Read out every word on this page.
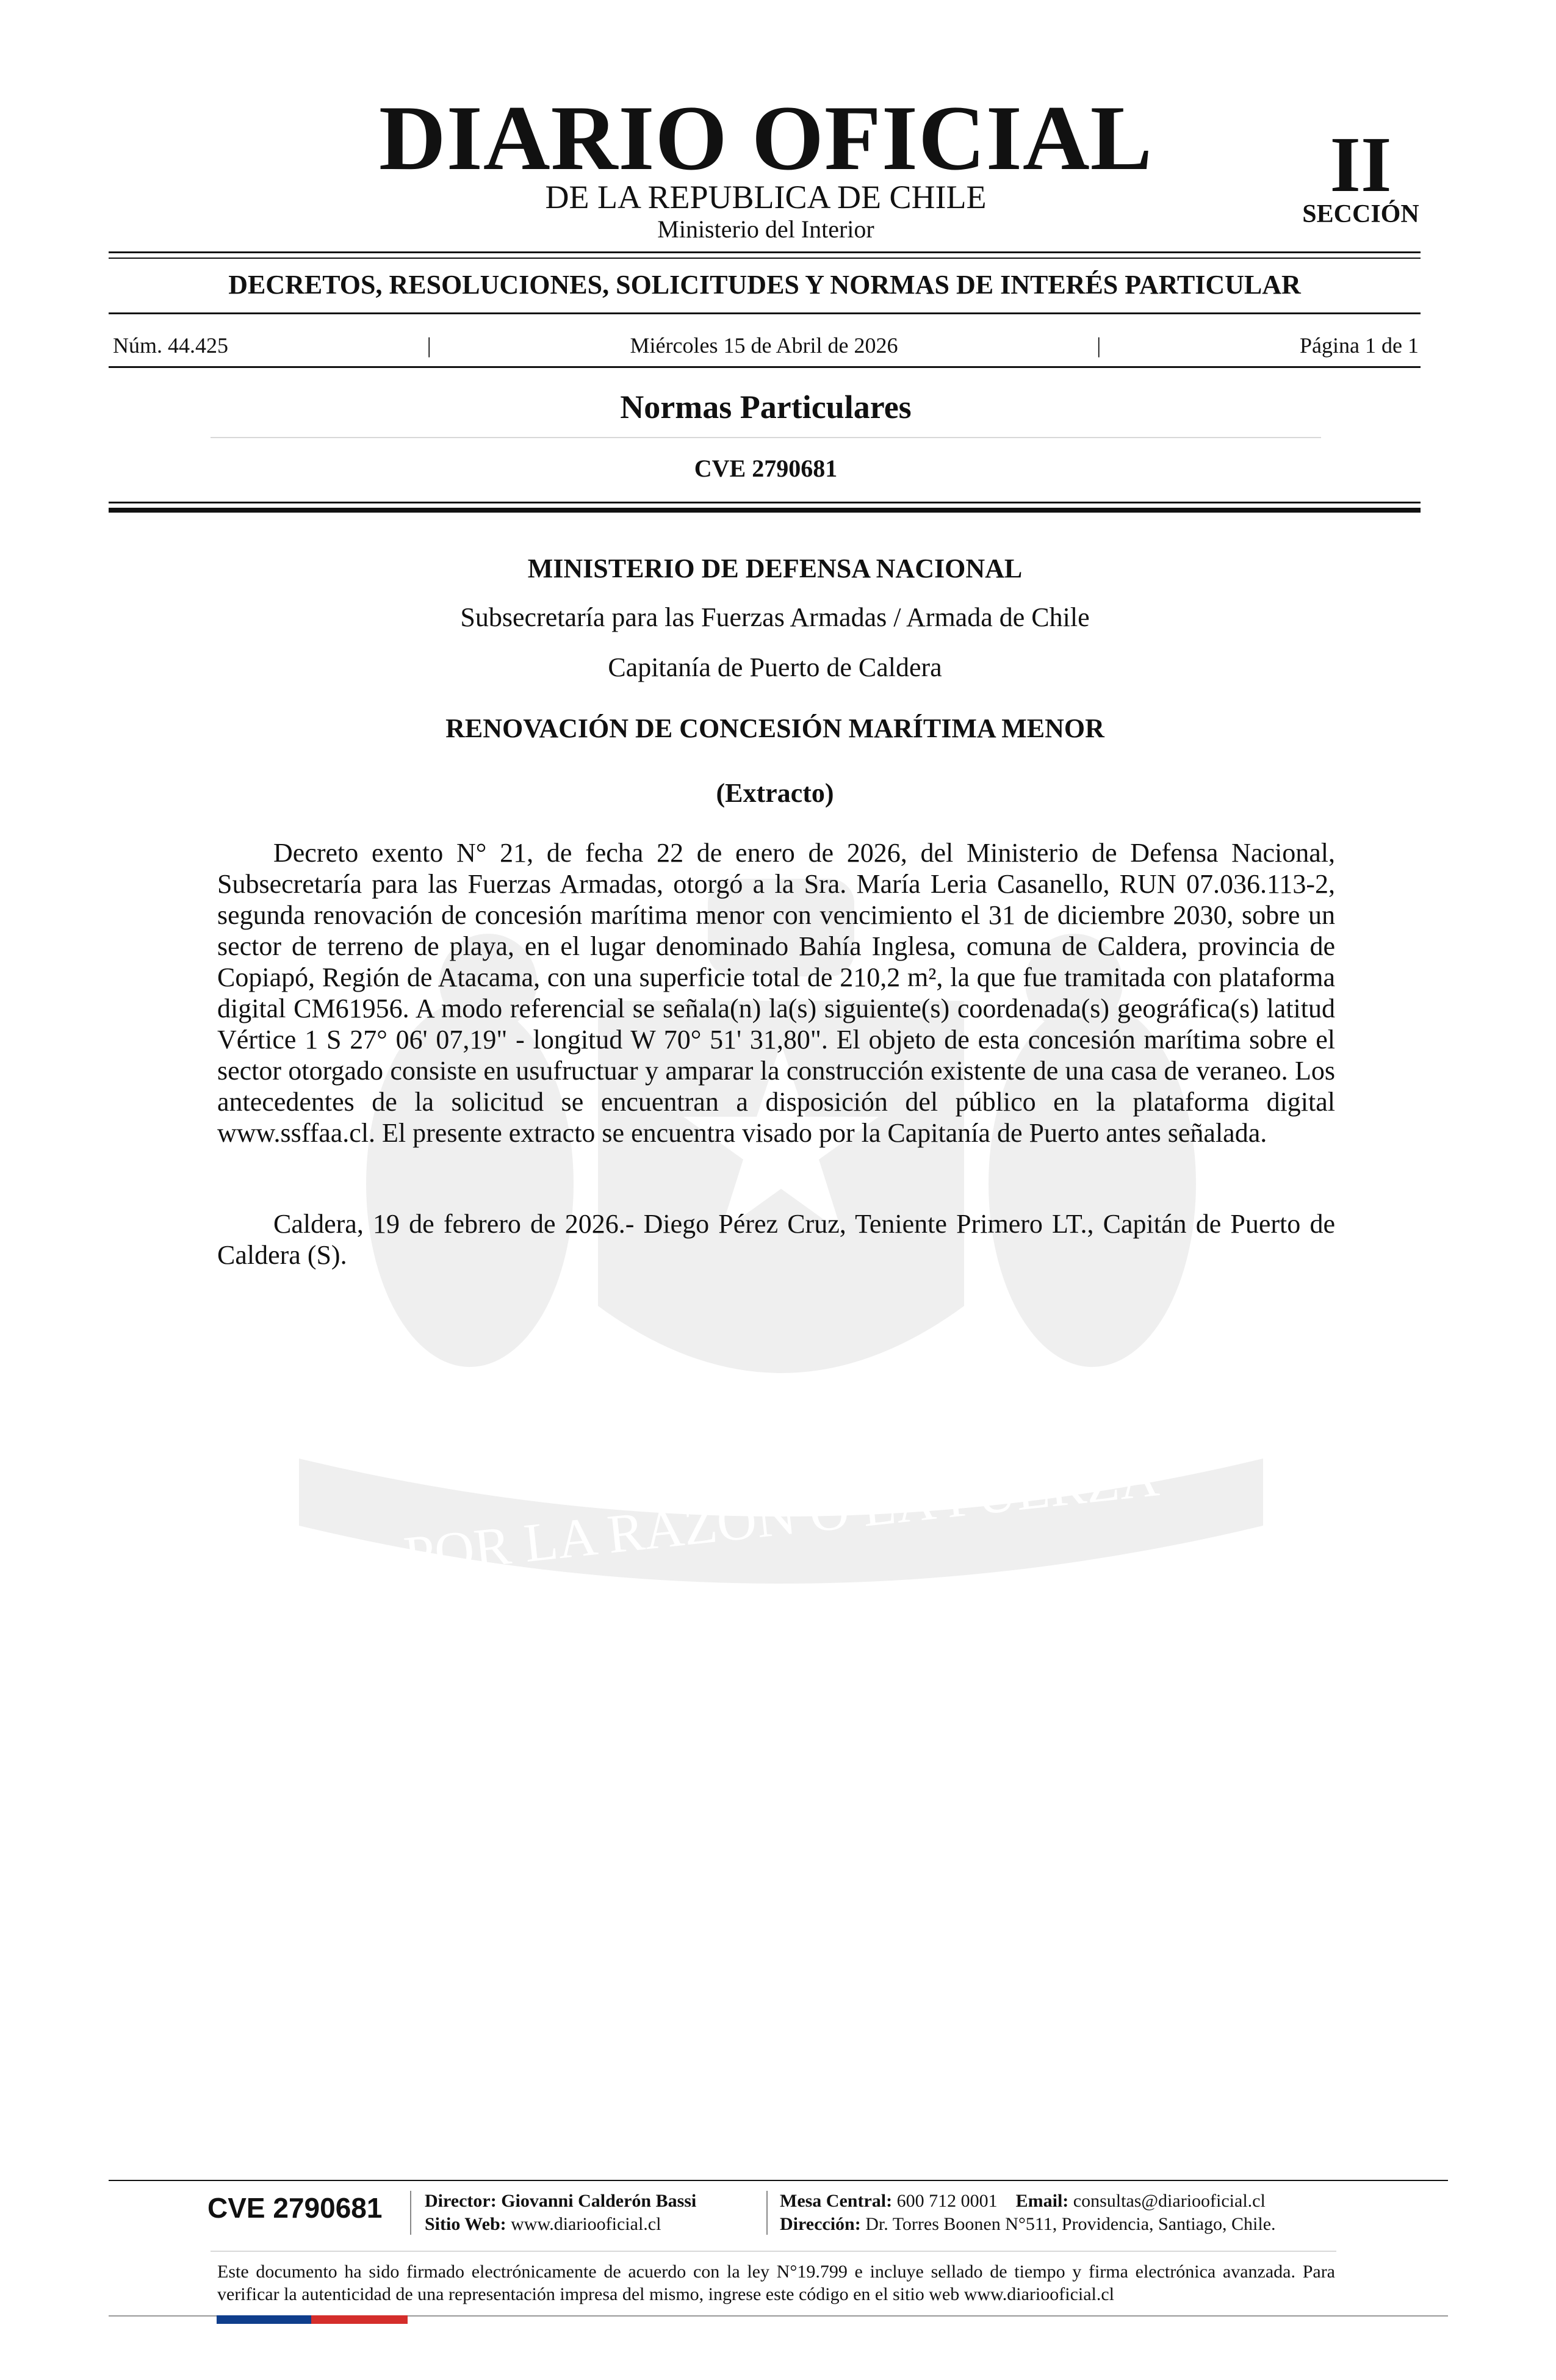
POR LA RAZON O LA FUERZA
DIARIO OFICIAL
DE LA REPUBLICA DE CHILE
Ministerio del Interior
II
SECCIÓN
DECRETOS, RESOLUCIONES, SOLICITUDES Y NORMAS DE INTERÉS PARTICULAR
Núm. 44.425	|	Miércoles 15 de Abril de 2026	|	Página 1 de 1
Normas Particulares
CVE 2790681
MINISTERIO DE DEFENSA NACIONAL
Subsecretaría para las Fuerzas Armadas / Armada de Chile
Capitanía de Puerto de Caldera
RENOVACIÓN DE CONCESIÓN MARÍTIMA MENOR
(Extracto)

Decreto exento N° 21, de fecha 22 de enero de 2026, del Ministerio de Defensa Nacional, Subsecretaría para las Fuerzas Armadas, otorgó a la Sra. María Leria Casanello, RUN 07.036.113-2, segunda renovación de concesión marítima menor con vencimiento el 31 de diciembre 2030, sobre un sector de terreno de playa, en el lugar denominado Bahía Inglesa, comuna de Caldera, provincia de Copiapó, Región de Atacama, con una superficie total de 210,2 m², la que fue tramitada con plataforma digital CM61956. A modo referencial se señala(n) la(s) siguiente(s) coordenada(s) geográfica(s) latitud Vértice 1 S 27° 06' 07,19" - longitud W 70° 51' 31,80". El objeto de esta concesión marítima sobre el sector otorgado consiste en usufructuar y amparar la construcción existente de una casa de veraneo. Los antecedentes de la solicitud se encuentran a disposición del público en la plataforma digital www.ssffaa.cl. El presente extracto se encuentra visado por la Capitanía de Puerto antes señalada.

Caldera, 19 de febrero de 2026.- Diego Pérez Cruz, Teniente Primero LT., Capitán de Puerto de Caldera (S).

CVE 2790681	Director: Giovanni Calderón Bassi
Sitio Web: www.diariooficial.cl
Mesa Central: 600 712 0001 Email: consultas@diariooficial.cl
Dirección: Dr. Torres Boonen N°511, Providencia, Santiago, Chile.

Este documento ha sido firmado electrónicamente de acuerdo con la ley N°19.799 e incluye sellado de tiempo y firma electrónica avanzada. Para verificar la autenticidad de una representación impresa del mismo, ingrese este código en el sitio web www.diariooficial.cl
